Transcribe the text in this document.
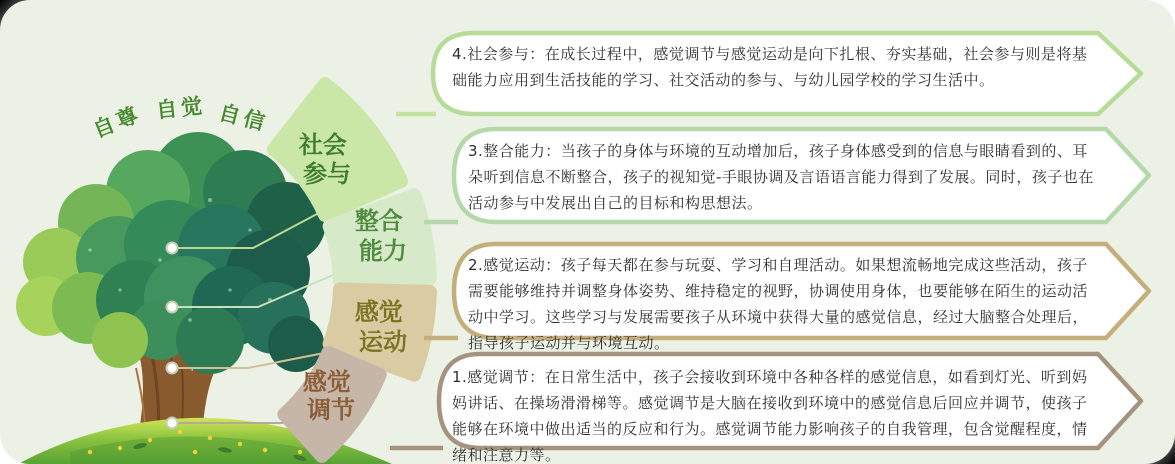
社会 参与
整合 能力
感觉 运动
感觉 调节
自尊 自觉 自信
4.社会参与：在成长过程中，感觉调节与感觉运动是向下扎根、夯实基础，社会参与则是将基础能力应用到生活技能的学习、社交活动的参与、与幼儿园学校的学习生活中。
3.整合能力：当孩子的身体与环境的互动增加后，孩子身体感受到的信息与眼睛看到的、耳朵听到信息不断整合，孩子的视知觉-手眼协调及言语语言能力得到了发展。同时，孩子也在活动参与中发展出自己的目标和构思想法。
2.感觉运动：孩子每天都在参与玩耍、学习和自理活动。如果想流畅地完成这些活动，孩子需要能够维持并调整身体姿势、维持稳定的视野，协调使用身体，也要能够在陌生的运动活动中学习。这些学习与发展需要孩子从环境中获得大量的感觉信息，经过大脑整合处理后，指导孩子运动并与环境互动。
1.感觉调节：在日常生活中，孩子会接收到环境中各种各样的感觉信息，如看到灯光、听到妈妈讲话、在操场滑滑梯等。感觉调节是大脑在接收到环境中的感觉信息后回应并调节，使孩子能够在环境中做出适当的反应和行为。感觉调节能力影响孩子的自我管理，包含觉醒程度，情绪和注意力等。
